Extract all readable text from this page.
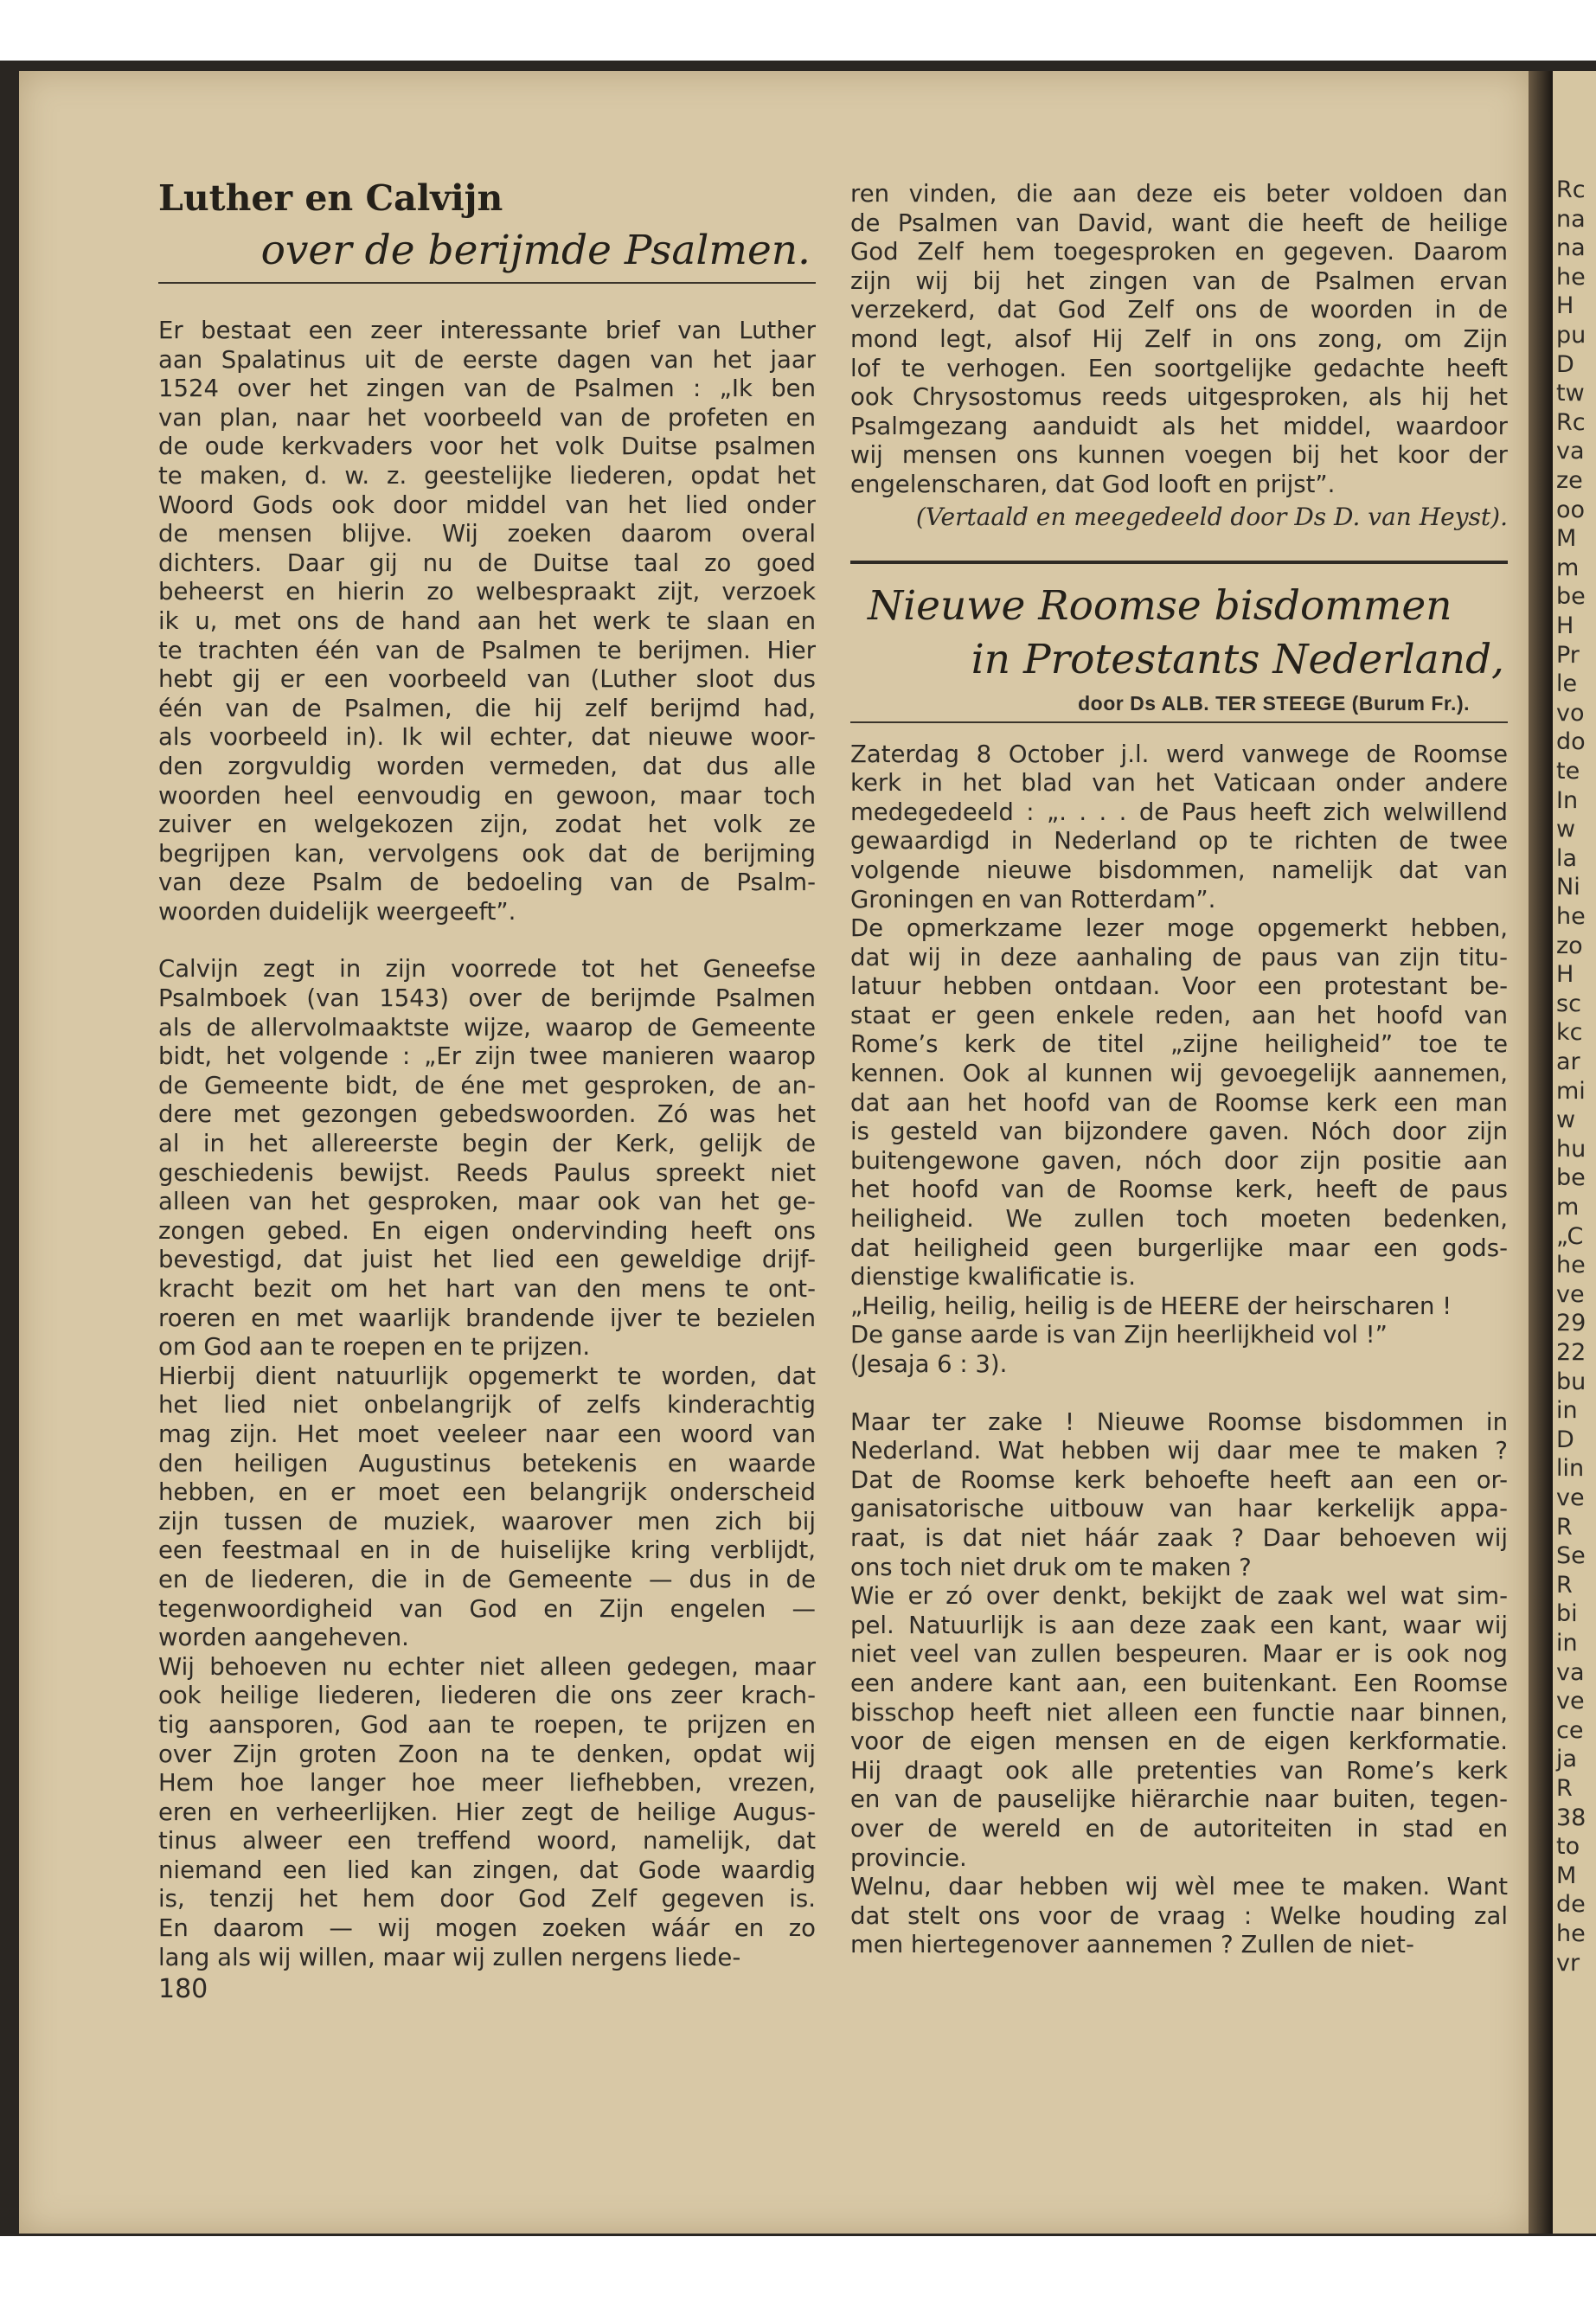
Rc
na
na
he
H
pu
D
tw
Rc
va
ze
oo
M
m
be
H
Pr
le
vo
do
te
In
w
la
Ni
he
zo
H
sc
kc
ar
mi
w
hu
be
m
„C
he
ve
29
22
bu
in
D
lin
ve
R
Se
R
bi
in
va
ve
ce
ja
R
38
to
M
de
he
vr
Luther en Calvijn
over de berijmde Psalmen.
Er bestaat een zeer interessante brief van Luther
aan Spalatinus uit de eerste dagen van het jaar
1524 over het zingen van de Psalmen : „Ik ben
van plan, naar het voorbeeld van de profeten en
de oude kerkvaders voor het volk Duitse psalmen
te maken, d. w. z. geestelijke liederen, opdat het
Woord Gods ook door middel van het lied onder
de mensen blijve. Wij zoeken daarom overal
dichters. Daar gij nu de Duitse taal zo goed
beheerst en hierin zo welbespraakt zijt, verzoek
ik u, met ons de hand aan het werk te slaan en
te trachten één van de Psalmen te berijmen. Hier
hebt gij er een voorbeeld van (Luther sloot dus
één van de Psalmen, die hij zelf berijmd had,
als voorbeeld in). Ik wil echter, dat nieuwe woor-
den zorgvuldig worden vermeden, dat dus alle
woorden heel eenvoudig en gewoon, maar toch
zuiver en welgekozen zijn, zodat het volk ze
begrijpen kan, vervolgens ook dat de berijming
van deze Psalm de bedoeling van de Psalm-
woorden duidelijk weergeeft”.
Calvijn zegt in zijn voorrede tot het Geneefse
Psalmboek (van 1543) over de berijmde Psalmen
als de allervolmaaktste wijze, waarop de Gemeente
bidt, het volgende : „Er zijn twee manieren waarop
de Gemeente bidt, de éne met gesproken, de an-
dere met gezongen gebedswoorden. Zó was het
al in het allereerste begin der Kerk, gelijk de
geschiedenis bewijst. Reeds Paulus spreekt niet
alleen van het gesproken, maar ook van het ge-
zongen gebed. En eigen ondervinding heeft ons
bevestigd, dat juist het lied een geweldige drijf-
kracht bezit om het hart van den mens te ont-
roeren en met waarlijk brandende ijver te bezielen
om God aan te roepen en te prijzen.
Hierbij dient natuurlijk opgemerkt te worden, dat
het lied niet onbelangrijk of zelfs kinderachtig
mag zijn. Het moet veeleer naar een woord van
den heiligen Augustinus betekenis en waarde
hebben, en er moet een belangrijk onderscheid
zijn tussen de muziek, waarover men zich bij
een feestmaal en in de huiselijke kring verblijdt,
en de liederen, die in de Gemeente — dus in de
tegenwoordigheid van God en Zijn engelen —
worden aangeheven.
Wij behoeven nu echter niet alleen gedegen, maar
ook heilige liederen, liederen die ons zeer krach-
tig aansporen, God aan te roepen, te prijzen en
over Zijn groten Zoon na te denken, opdat wij
Hem hoe langer hoe meer liefhebben, vrezen,
eren en verheerlijken. Hier zegt de heilige Augus-
tinus alweer een treffend woord, namelijk, dat
niemand een lied kan zingen, dat Gode waardig
is, tenzij het hem door God Zelf gegeven is.
En daarom — wij mogen zoeken wáár en zo
lang als wij willen, maar wij zullen nergens liede-
180
ren vinden, die aan deze eis beter voldoen dan
de Psalmen van David, want die heeft de heilige
God Zelf hem toegesproken en gegeven. Daarom
zijn wij bij het zingen van de Psalmen ervan
verzekerd, dat God Zelf ons de woorden in de
mond legt, alsof Hij Zelf in ons zong, om Zijn
lof te verhogen. Een soortgelijke gedachte heeft
ook Chrysostomus reeds uitgesproken, als hij het
Psalmgezang aanduidt als het middel, waardoor
wij mensen ons kunnen voegen bij het koor der
engelenscharen, dat God looft en prijst”.
(Vertaald en meegedeeld door Ds D. van Heyst).
Nieuwe Roomse bisdommen
in Protestants Nederland,
door Ds ALB. TER STEEGE (Burum Fr.).
Zaterdag 8 October j.l. werd vanwege de Roomse
kerk in het blad van het Vaticaan onder andere
medegedeeld : „. . . . de Paus heeft zich welwillend
gewaardigd in Nederland op te richten de twee
volgende nieuwe bisdommen, namelijk dat van
Groningen en van Rotterdam”.
De opmerkzame lezer moge opgemerkt hebben,
dat wij in deze aanhaling de paus van zijn titu-
latuur hebben ontdaan. Voor een protestant be-
staat er geen enkele reden, aan het hoofd van
Rome’s kerk de titel „zijne heiligheid” toe te
kennen. Ook al kunnen wij gevoegelijk aannemen,
dat aan het hoofd van de Roomse kerk een man
is gesteld van bijzondere gaven. Nóch door zijn
buitengewone gaven, nóch door zijn positie aan
het hoofd van de Roomse kerk, heeft de paus
heiligheid. We zullen toch moeten bedenken,
dat heiligheid geen burgerlijke maar een gods-
dienstige kwalificatie is.
„Heilig, heilig, heilig is de HEERE der heirscharen !
De ganse aarde is van Zijn heerlijkheid vol !”
(Jesaja 6 : 3).
Maar ter zake ! Nieuwe Roomse bisdommen in
Nederland. Wat hebben wij daar mee te maken ?
Dat de Roomse kerk behoefte heeft aan een or-
ganisatorische uitbouw van haar kerkelijk appa-
raat, is dat niet háár zaak ? Daar behoeven wij
ons toch niet druk om te maken ?
Wie er zó over denkt, bekijkt de zaak wel wat sim-
pel. Natuurlijk is aan deze zaak een kant, waar wij
niet veel van zullen bespeuren. Maar er is ook nog
een andere kant aan, een buitenkant. Een Roomse
bisschop heeft niet alleen een functie naar binnen,
voor de eigen mensen en de eigen kerkformatie.
Hij draagt ook alle pretenties van Rome’s kerk
en van de pauselijke hiërarchie naar buiten, tegen-
over de wereld en de autoriteiten in stad en
provincie.
Welnu, daar hebben wij wèl mee te maken. Want
dat stelt ons voor de vraag : Welke houding zal
men hiertegenover aannemen ? Zullen de niet-
